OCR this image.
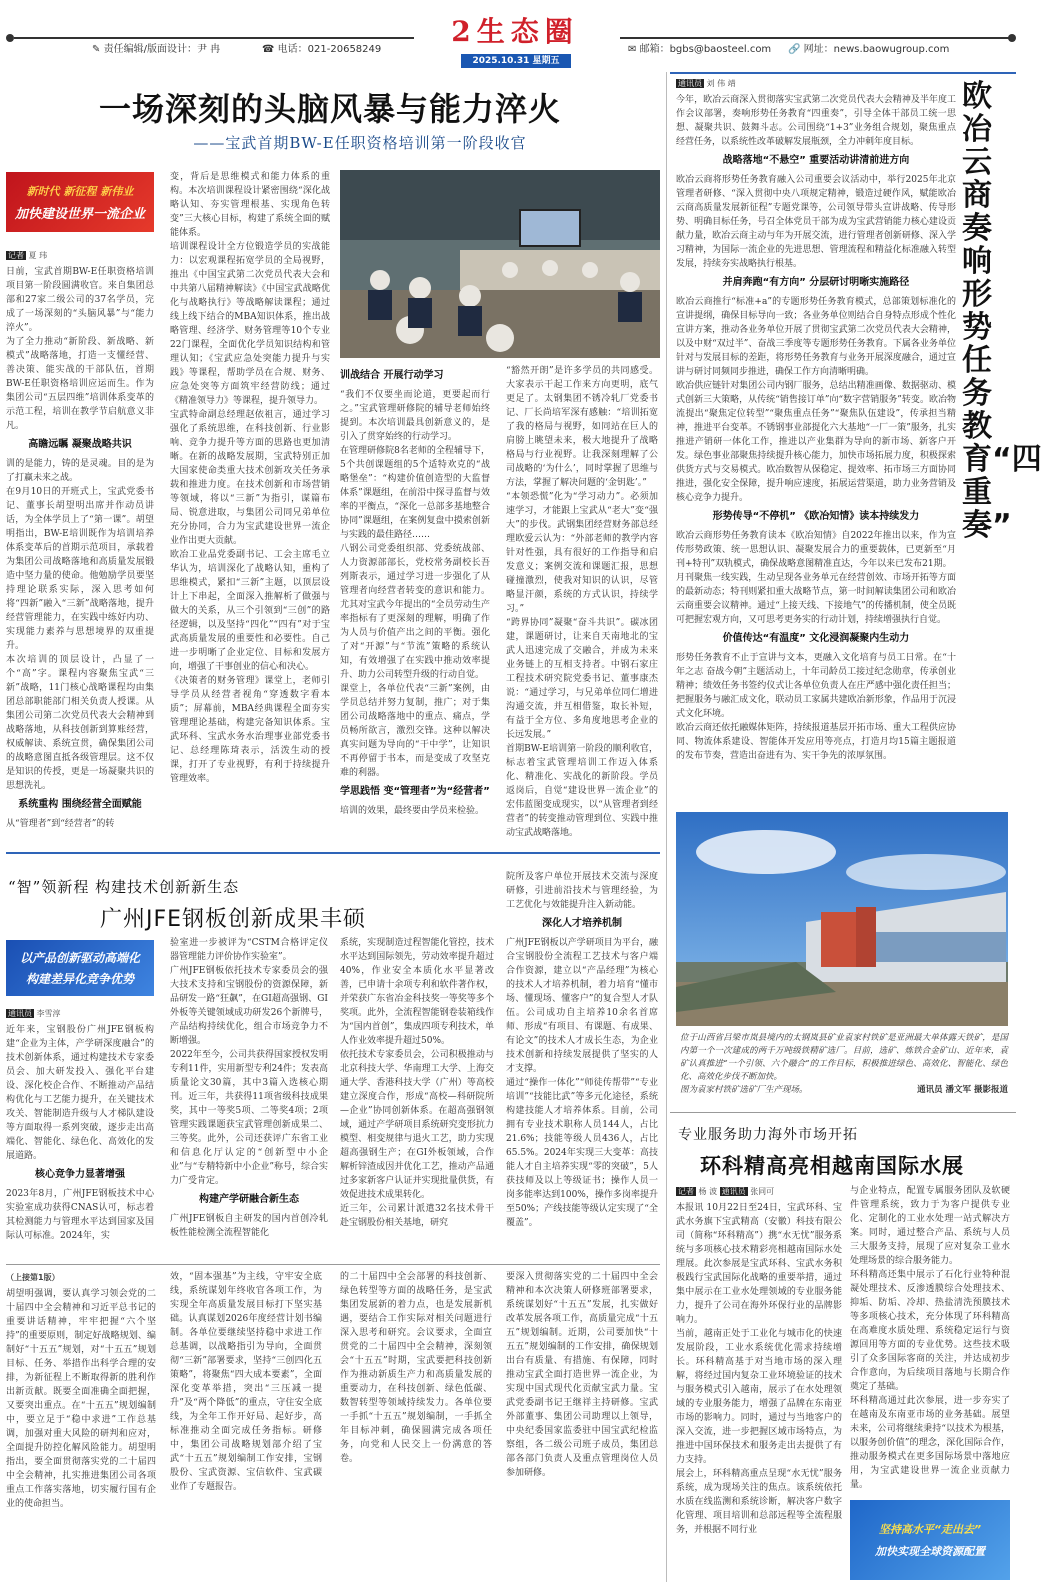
✎ 责任编辑/版面设计：尹 冉	☎ 电话：021-20658249
2生态圈
2025.10.31 星期五
✉ 邮箱：bgbs@baosteel.com 🔗 网址：news.baowugroup.com
一场深刻的头脑风暴与能力淬火
——宝武首期BW-E任职资格培训第一阶段收官
新时代 新征程 新伟业
加快建设世界一流企业
记者 夏 玮

日前，宝武首期BW-E任职资格培训项目第一阶段圆满收官。来自集团总部和27家二级公司的37名学员，完成了一场深刻的“头脑风暴”与“能力淬火”。

为了全力推动“新阶段、新战略、新模式”战略落地，打造一支懂经营、善决策、能实战的干部队伍，首期BW-E任职资格培训应运而生。作为集团公司“五层四维”培训体系变革的示范工程，培训在教学节启航意义非凡。

高瞻远瞩 凝聚战略共识

训的是能力，铸的是灵魂。目的是为了打赢未来之战。

在9月10日的开班式上，宝武党委书记、董事长胡望明出席并作动员讲话，为全体学员上了“第一课”。胡望明指出，BW-E培训既作为培训培养体系变革后的首期示范项目，承载着为集团公司战略落地和高质量发展锻造中坚力量的使命。他勉励学员要坚持理论联系实际，深入思考如何将“四新”融入“三新”战略落地，提升经营管理能力，在实践中练好内功、实现能力素养与思想境界的双重提升。

本次培训的顶层设计，凸显了一个“高”字。课程内容聚焦宝武“三新”战略，11门核心战略课程均由集团总部职能部门相关负责人授课。从集团公司第二次党员代表大会精神到战略落地，从科技创新到算账经营，权威解读、系统宣贯，确保集团公司的战略意图直抵各级管理层。这不仅是知识的传授，更是一场凝聚共识的思想洗礼。

系统重构 围绕经营全面赋能

从“管理者”到“经营者”的转

变，背后是思维模式和能力体系的重构。本次培训课程设计紧密围绕“深化战略认知、夯实管理根基、实现角色转变”三大核心目标，构建了系统全面的赋能体系。

培训课程设计全方位锻造学员的实战能力：以宏观课程拓宽学员的全局视野，推出《中国宝武第二次党员代表大会和中共第八届精神解读》《中国宝武战略优化与战略执行》等战略解读课程；通过线上线下结合的MBA知识体系，推出战略管理、经济学、财务管理等10个专业22门课程，全面优化学员知识结构和管理认知；《宝武应急处突能力提升与实践》等课程，帮助学员在合规、财务、应急处突等方面筑牢经营防线；通过《精准领导力》等课程，提升领导力。

宝武特命副总经理赵依祖言，通过学习强化了系统思维，在科技创新、行业影响、竞争力提升等方面的思路也更加清晰。在新的战略发展期，宝武特别正加大国家使命类重大技术创新攻关任务承载和推进力度。在技术创新和市场营销等领域，将以“三新”为指引，谋篇布局、锐意进取，与集团公司同兄弟单位充分协同，合力为宝武建设世界一流企业作出更大贡献。

欧冶工业品党委副书记、工会主席毛立华认为，培训深化了战略认知，重构了思维模式，紧扣“三新”主题，以顶层设计上下串起，全面深入推解析了做强与做大的关系，从三个引领到“三创”的路径逻辑，以及坚持“四化”“四有”对于宝武高质量发展的重要性和必要性。自己进一步明晰了企业定位、目标和发展方向，增强了干事创业的信心和决心。

《决策者的财务管理》课堂上，老师引导学员从经营者视角“穿透数字看本质”；屏幕前，MBA经典课程全面夯实管理理论基础，构建完备知识体系。宝武环科、宝武水务水治理事业部党委书记、总经理陈琦表示，活泼生动的授课，打开了专业视野，有利于持续提升管理效率。

训战结合 开展行动学习

“我们不仅要坐而论道，更要起而行之。”宝武管理研修院的辅导老师始终提到。本次培训最具创新意义的，是引入了贯穿始终的行动学习。

在管理研修院8名老师的全程辅导下，5个共创课题组的5个适特欢克的“战略堡垒”：“构建价值创造型的大监督体系”课题组，在前沿中探寻监督与效率的平衡点，“深化一总部多基地整合协同”课题组，在案例复盘中摸索创新与实践的最佳路径……

八钢公司党委组织部、党委统战部、人力资源部部长，党校常务副校长吾列斯表示，通过学习进一步强化了从管理者向经营者转变的意识和能力。尤其对宝武今年提出的“全员劳动生产率指标有了更深刻的理解，明确了作为人员与价值产出之间的平衡。强化了对“开源”与“节流”策略的系统认知，有效增强了在实践中推动效率提升、助力公司转型升级的行动自觉。

课堂上，各单位代表“三新”案例，由学员总结并努力复制，推广；对于集团公司战略落地中的重点、痛点，学员畅所欲言，激烈交锋。这种以解决真实问题为导向的“干中学”，让知识不再停留于书本，而是变成了攻坚克难的利器。

学思践悟 变“管理者”为“经营者”

培训的效果，最终要由学员来检验。

“豁然开朗”是许多学员的共同感受。大家表示干起工作来方向更明，底气更足了。太钢集团不锈冷轧厂党委书记、厂长尚培军深有感触：“培训拓宽了我的格局与视野，如同站在巨人的肩膀上眺望未来，极大地提升了战略格局与行业视野。让我深刻理解了公司战略的‘为什么’，同时掌握了思维与方法，掌握了解决问题的‘金钥匙’。”

“本领恐慌”化为“学习动力”。必须加速学习，才能跟上宝武从“老大”变“强大”的步伐。武钢集团经营财务部总经理欧爱云认为：“外部老师的教学内容针对性强，具有很好的工作指导和启发意义；案例交流和课题汇报，思想碰撞激烈，使我对知识的认识，尽管略显汗颜，系统的方式认识，持续学习。”

“跨界协同”凝聚“奋斗共识”。碳冰团建，课题研讨，让来自天南地北的宝武人迅速完成了交融合，并成为未来业务链上的互相支持者。中钢石家庄工程技术研究院党委书记、董事康杰说：“通过学习，与兄弟单位同仁增进沟通交流，并互相借鉴，取长补短，有益于全方位、多角度地思考企业的长远发展。”

首期BW-E培训第一阶段的顺利收官，标志着宝武管理培训工作迈入体系化、精准化、实战化的新阶段。学员返岗后，自觉“建设世界一流企业”的宏伟蓝图变成现实，以“从管理者到经营者”的转变推动管理到位、实践中推动宝武战略落地。

通讯员 刘 伟 靖

今年，欧冶云商深入贯彻落实宝武第二次党员代表大会精神及半年度工作会议部署，奏响形势任务教育“四重奏”，引导全体干部员工统一思想、凝聚共识、鼓舞斗志。公司围绕“1+3”业务组合规划，聚焦重点经营任务，以系统性改革破解发展瓶颈，全力冲刺年度目标。

战略落地“不悬空” 重要活动讲清前进方向

欧冶云商将形势任务教育融入公司重要会议活动中，举行2025年北京管理者研修、“深入贯彻中央八项规定精神，锻造过硬作风，赋能欧冶云商高质量发展新征程”专题党课等，公司领导带头宣讲战略、传导形势、明确目标任务，号召全体党员干部为成为宝武营销能力核心建设贡献力量，欧冶云商主动与年为开展交流，进行管理者创新研修、深入学习精神，为国际一流企业的先进思想、管理流程和精益化标准融入转型发展，持续夯实战略执行根基。

并肩奔跑“有方向” 分层研讨明晰实施路径

欧冶云商推行“标准+a”的专题形势任务教育模式，总部策划标准化的宣讲提纲，确保目标导向一致；各业务单位则结合自身特点形成个性化宣讲方案，推动各业务单位开展了贯彻宝武第二次党员代表大会精神，以及中财“双过半”、奋战三季度等专题形势任务教育。下属各业务单位针对与发展目标的差距，将形势任务教育与业务开展深度融合，通过宣讲与研讨同频同步推进，确保工作方向清晰明确。

欧冶供应链针对集团公司内钢厂服务，总结出精准画像、数据驱动、模式创新三大策略，从传统“销售接订单”向“数字营销服务”转变。欧冶物流提出“聚焦定位转型”“聚焦重点任务”“聚焦队伍建设”，传承担当精神，推进平台变革。不锈钢事业部提化六大基地“一厂一策”服务，扎实推进产销研一体化工作，推进以产业集群为导向的新市场、新客户开发。绿色事业部聚焦持续提升核心能力，加快市场拓展力度，积极探索供货方式与交易模式。欧冶数智从保稳定、提效率、拓市场三方面协同推进，强化安全保障，提升响应速度，拓展运营渠道，助力业务营销及核心竞争力提升。

形势传导“不停机” 《欧冶知情》读本持续发力

欧冶云商形势任务教育读本《欧冶知情》自2022年推出以来，作为宣传形势政策、统一思想认识、凝聚发展合力的重要载体，已更新至“月刊+特刊”双轨模式，确保战略意图精准直达，今年以来已发布21期。

月刊聚焦一线实践，生动呈现各业务单元在经营创效、市场开拓等方面的最新动态；特刊则紧扣重大战略节点，第一时间解读集团公司和欧冶云商重要会议精神。通过“上接天线、下接地气”的传播机制，使全员既可把握宏观方向，又可思考更务实的行动计划，持续增强执行自觉。

价值传达“有温度” 文化浸润凝聚内生动力

形势任务教育不止于宣讲与文本，更融入文化培育与员工日常。在“十年之志 奋战今朝”主题活动上，十年司龄员工接过纪念勋章，传承创业精神；绩效任务书签约仪式让各单位负责人在庄严感中强化责任担当；把握服务与融汇成文化，联动员工家属共建欧冶新形象，作品用于沉浸式文化环境。

欧冶云商还依托融媒体矩阵，持续报道基层开拓市场、重大工程供应协同、物流体系建设、智能体开发应用等亮点，打造月均15篇主题报道的发布节奏，营造出奋进有为、实干争先的浓厚氛围。

欧冶云商奏响形势任务教育“四重奏”

位于山西省吕梁市岚县境内的太钢岚县矿业袁家村铁矿是亚洲最大单体露天铁矿，是国内第一个一次建成的两千万吨级铁精矿选厂。目前，选矿、炼铁合金矿山、近年来，袁矿认真推进“一个引领、六个融合”的工作目标，积极推进绿色、高效化、智能化、绿色化、高效化步伐不断加快。

图为袁家村铁矿选矿厂生产现场。	通讯员 潘文军 摄影报道
“智”领新程 构建技术创新新生态
广州JFE钢板创新成果丰硕
以产品创新驱动高端化
构建差异化竞争优势
通讯员 李雪淳

近年来，宝钢股份广州JFE钢板构建“企业为主体，产学研深度融合”的技术创新体系，通过构建技术专家委员会、加大研发投入、强化平台建设、深化校企合作、不断推动产品结构优化与工艺能力提升，在关键技术攻关、智能制造升级与人才梯队建设等方面取得一系列突破，逐步走出高端化、智能化、绿色化、高效化的发展道路。

核心竞争力显著增强

2023年8月，广州JFE钢板技术中心实验室成功获得CNAS认可，标志着其检测能力与管理水平达到国家及国际认可标准。2024年，实

验室进一步被评为“CSTM合格评定仪器管理能力评价协作实验室”。

广州JFE钢板依托技术专家委员会的强大技术支持和宝钢股份的资源保障，新品研发一路“狂飙”，在GI超高强钢、GI外板等关键领域成功研发26个新牌号，产品结构持续优化，组合市场竞争力不断增强。

2022年至今，公司共获得国家授权发明专利11件，实用新型专利24件；发表高质量论文30篇，其中3篇入选核心期刊。近三年，共获得11项省级科技成果奖，其中一等奖5项、二等奖4项；2项管理实践课题获宝武管理创新成果二、三等奖。此外，公司还获评广东省工业和信息化厅认定的“创新型中小企业”与“专精特新中小企业”称号，综合实力广受肯定。

构建产学研融合新生态

广州JFE钢板自主研发的国内首创冷轧板性能检测全流程智能化

系统，实现制造过程智能化管控，技术水平达到国际领先，劳动效率提升超过40%，作业安全本质化水平显著改善，已申请十余项专利和软件著作权，并荣获广东省冶金科技奖一等奖等多个奖项。此外，全流程智能钢卷装箱线作为“国内首创”，集成四项专利技术，单人作业效率提升超过50%。

依托技术专家委员会，公司积极推动与北京科技大学、华南理工大学、上海交通大学、香港科技大学（广州）等高校建立深度合作，形成“高校—科研院所—企业”协同创新体系。在超高强钢领域，通过产学研项目系统研究变形抗力模型、相变规律与退火工艺，助力实现超高强钢生产；在GI外板领域，合作解析锌渣成因并优化工艺，推动产品通过多家新客户认证并实现批量供货，有效促进技术成果转化。

近三年，公司累计派遣32名技术骨干赴宝钢股份相关基地，研究

院所及客户单位开展技术交流与深度研修，引进前沿技术与管理经验，为工艺优化与效能提升注入新动能。

深化人才培养机制

广州JFE钢板以产学研项目为平台，融合宝钢股份全流程工艺技术与客户端合作资源，建立以“产品经理”为核心的技术人才培养机制，着力培育“懂市场、懂现场、懂客户”的复合型人才队伍。公司成功自主培养10余名首席师、形成“有项目、有课题、有成果、有论文”的技术人才成长生态，为企业技术创新和持续发展提供了坚实的人才支撑。

通过“操作一体化”“师徒传帮带”“专业培训”“技能比武”等多元化途径，系统构建技能人才培养体系。目前，公司拥有专业技术职称人员144人，占比21.6%；技能等级人员436人，占比65.5%。2024年实现三大变革：高技能人才自主培养实现“零的突破”，5人获技师及以上等级证书；操作人员一岗多能率达到100%，操作多岗率提升至50%；产线技能等级认定实现了“全覆盖”。

专业服务助力海外市场开拓
环科精高亮相越南国际水展
记者 杨 波 通讯员 张同可

本报讯 10月22日至24日，宝武环科、宝武水务旗下宝武精高（安徽）科技有限公司（简称“环科精高”）携“水无忧”服务系统与多项核心技术精彩亮相越南国际水处理展。此次参展是宝武环科、宝武水务积极践行宝武国际化战略的重要举措，通过集中展示在工业水处理领域的专业服务能力，提升了公司在海外环保行业的品牌影响力。

当前，越南正处于工业化与城市化的快速发展阶段，工业水系统优化需求持续增长。环科精高基于对当地市场的深入理解，将经过国内复杂工业环境验证的技术与服务模式引入越南，展示了在水处理领域的专业服务能力，增强了品牌在东南亚市场的影响力。同时，通过与当地客户的深入交流，进一步把握区域市场特点，为推进中国环保技术和服务走出去提供了有力支持。

展会上，环科精高重点呈现“水无忧”服务系统，成为现场关注的焦点。该系统依托水质在线监测和系统诊断，解决客户数字化管理、项目培训和总部远程等全流程服务，并根据不同行业

与企业特点，配置专属服务团队及软硬件管理系统，致力于为客户提供专业化、定制化的工业水处理一站式解决方案。同时，通过整合产品、系统与人员三大服务支持，展现了应对复杂工业水处理场景的综合服务能力。

环科精高还集中展示了石化行业特种混凝处理技术、反渗透膜综合处理技术、抑垢、防垢、冷却、热盐清洗预膜技术等多项核心技术，充分体现了环科精高在高难度水质处理、系统稳定运行与资源回用等方面的专业优势。这些技术吸引了众多国际客商的关注，并达成初步合作意向，为后续项目落地与长期合作奠定了基础。

环科精高通过此次参展，进一步夯实了在越南及东南亚市场的业务基础。展望未来，公司将继续秉持“以技术为根基，以服务创价值”的理念，深化国际合作，推动服务模式在更多国际场景中落地应用，为宝武建设世界一流企业贡献力量。

坚持高水平“走出去”
加快实现全球资源配置
（上接第1版）

胡望明强调，要认真学习领会党的二十届四中全会精神和习近平总书记的重要讲话精神，牢牢把握“六个坚持”的重要原则，制定好战略规划、编制好“十五五”规划，对“十五五”规划目标、任务、举措作出科学合理的安排，为新征程上不断取得新的胜利作出新贡献。既要全面准确全面把握，又要突出重点。在“十五五”规划编制中，要立足于“稳中求进”工作总基调，加强对重大风险的研判和应对，全面提升防控化解风险能力。胡望明指出，要全面贯彻落实党的二十届四中全会精神，扎实推进集团公司各项重点工作落实落地，切实履行国有企业的使命担当。

效，“固本强基”为主线，守牢安全底线，系统谋划年终收官各项工作，为实现全年高质量发展目标打下坚实基础。认真谋划2026年度经营计划书编制。各单位要继续坚持稳中求进工作总基调，以战略指引为导向，全面贯彻“三新”部署要求，坚持“三创四化五策略”，将聚焦“四大成本要素”，全面深化变革举措，突出“三压减一提升”及“两个降低”的重点，守住安全底线，为全年工作开好局、起好步，高标准推动全面完成任务指标。研修中，集团公司战略规划部介绍了宝武“十五五”规划编制工作安排，宝钢股份、宝武资源、宝信软件、宝武碳业作了专题报告。

的二十届四中全会部署的科技创新、绿色转型等方面的战略任务，是宝武集团发展新的着力点，也是发展新机遇，要结合工作实际对相关问题进行深入思考和研究。会议要求，全面宣贯党的二十届四中全会精神，深刻领会“十五五”时期，宝武要把科技创新作为推动新质生产力和高质量发展的重要动力，在科技创新、绿色低碳、数智转型等领域持续发力。各单位要一手抓“十五五”规划编制，一手抓全年目标冲刺，确保圆满完成各项任务，向党和人民交上一份满意的答卷。

要深入贯彻落实党的二十届四中全会精神和本次决策人研修班部署要求，系统谋划好“十五五”发展，扎实做好改革发展各项工作，高质量完成“十五五”规划编制。近期，公司要加快“十五五”规划编制的工作安排，确保规划出台有质量、有措施、有保障，同时推动宝武全面打造世界一流企业，为实现中国式现代化贡献宝武力量。宝武党委副书记王继祥主持研修。宝武外部董事、集团公司助理以上领导，中央纪委国家监委驻中国宝武纪检监察组，各二级公司班子成员，集团总部各部门负责人及重点管理岗位人员参加研修。
